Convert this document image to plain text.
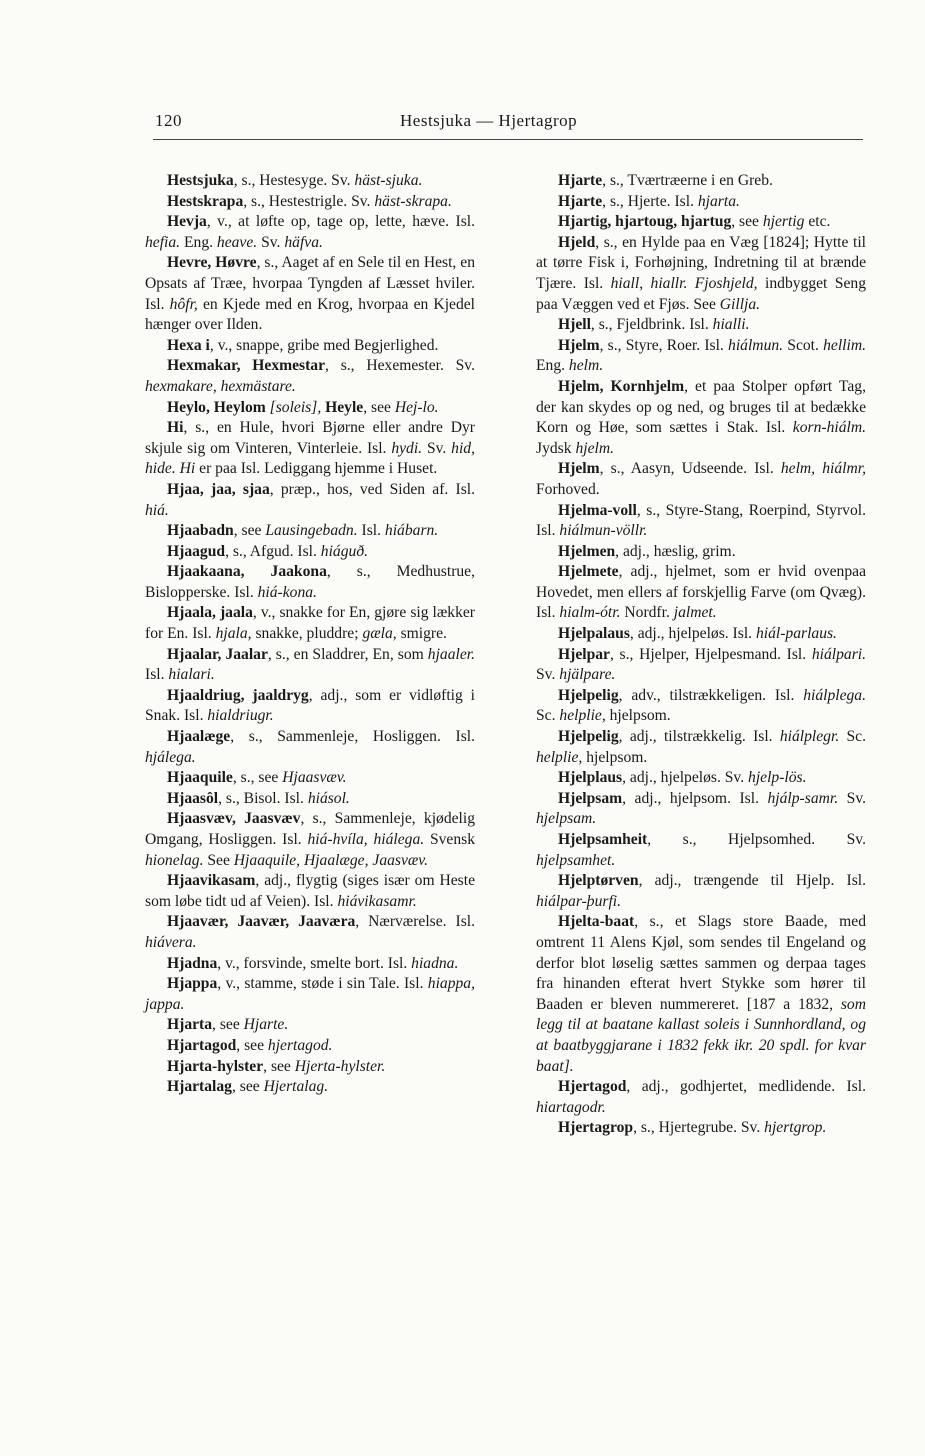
120	Hestsjuka — Hjertagrop

Hestsjuka, s., Hestesyge. Sv. häst-sjuka.

Hestskrapa, s., Hestestrigle. Sv. häst-skrapa.

Hevja, v., at løfte op, tage op, lette, hæve. Isl. hefia. Eng. heave. Sv. häfva.

Hevre, Høvre, s., Aaget af en Sele til en Hest, en Opsats af Træe, hvorpaa Tyngden af Læsset hviler. Isl. hôfr, en Kjede med en Krog, hvorpaa en Kjedel hænger over Ilden.

Hexa i, v., snappe, gribe med Begjerlighed.

Hexmakar, Hexmestar, s., Hexemester. Sv. hexmakare, hexmästare.

Heylo, Heylom [soleis], Heyle, see Hej-lo.

Hi, s., en Hule, hvori Bjørne eller andre Dyr skjule sig om Vinteren, Vinterleie. Isl. hydi. Sv. hid, hide. Hi er paa Isl. Lediggang hjemme i Huset.

Hjaa, jaa, sjaa, præp., hos, ved Siden af. Isl. hiá.

Hjaabadn, see Lausingebadn. Isl. hiábarn.

Hjaagud, s., Afgud. Isl. hiáguð.

Hjaakaana, Jaakona, s., Medhustrue, Bislopperske. Isl. hiá-kona.

Hjaala, jaala, v., snakke for En, gjøre sig lækker for En. Isl. hjala, snakke, pluddre; gæla, smigre.

Hjaalar, Jaalar, s., en Sladdrer, En, som hjaaler. Isl. hialari.

Hjaaldriug, jaaldryg, adj., som er vidløftig i Snak. Isl. hialdriugr.

Hjaalæge, s., Sammenleje, Hosliggen. Isl. hjálega.

Hjaaquile, s., see Hjaasvæv.

Hjaasôl, s., Bisol. Isl. hiásol.

Hjaasvæv, Jaasvæv, s., Sammenleje, kjødelig Omgang, Hosliggen. Isl. hiá-hvíla, hiálega. Svensk hionelag. See Hjaaquile, Hjaalæge, Jaasvæv.

Hjaavikasam, adj., flygtig (siges især om Heste som løbe tidt ud af Veien). Isl. hiávikasamr.

Hjaavær, Jaavær, Jaaværa, Nærværelse. Isl. hiávera.

Hjadna, v., forsvinde, smelte bort. Isl. hiadna.

Hjappa, v., stamme, støde i sin Tale. Isl. hiappa, jappa.

Hjarta, see Hjarte.

Hjartagod, see hjertagod.

Hjarta-hylster, see Hjerta-hylster.

Hjartalag, see Hjertalag.

Hjarte, s., Tværtræerne i en Greb.

Hjarte, s., Hjerte. Isl. hjarta.

Hjartig, hjartoug, hjartug, see hjertig etc.

Hjeld, s., en Hylde paa en Væg [1824]; Hytte til at tørre Fisk i, Forhøjning, Indretning til at brænde Tjære. Isl. hiall, hiallr. Fjoshjeld, indbygget Seng paa Væggen ved et Fjøs. See Gillja.

Hjell, s., Fjeldbrink. Isl. hialli.

Hjelm, s., Styre, Roer. Isl. hiálmun. Scot. hellim. Eng. helm.

Hjelm, Kornhjelm, et paa Stolper opført Tag, der kan skydes op og ned, og bruges til at bedække Korn og Høe, som sættes i Stak. Isl. korn-hiálm. Jydsk hjelm.

Hjelm, s., Aasyn, Udseende. Isl. helm, hiálmr, Forhoved.

Hjelma-voll, s., Styre-Stang, Roerpind, Styrvol. Isl. hiálmun-völlr.

Hjelmen, adj., hæslig, grim.

Hjelmete, adj., hjelmet, som er hvid ovenpaa Hovedet, men ellers af forskjellig Farve (om Qvæg). Isl. hialm-ótr. Nordfr. jalmet.

Hjelpalaus, adj., hjelpeløs. Isl. hiál-parlaus.

Hjelpar, s., Hjelper, Hjelpesmand. Isl. hiálpari. Sv. hjälpare.

Hjelpelig, adv., tilstrækkeligen. Isl. hiálplega. Sc. helplie, hjelpsom.

Hjelpelig, adj., tilstrækkelig. Isl. hiálplegr. Sc. helplie, hjelpsom.

Hjelplaus, adj., hjelpeløs. Sv. hjelp-lös.

Hjelpsam, adj., hjelpsom. Isl. hjálp-samr. Sv. hjelpsam.

Hjelpsamheit, s., Hjelpsomhed. Sv. hjelpsamhet.

Hjelptørven, adj., trængende til Hjelp. Isl. hiálpar-þurfi.

Hjelta-baat, s., et Slags store Baade, med omtrent 11 Alens Kjøl, som sendes til Engeland og derfor blot løselig sættes sammen og derpaa tages fra hinanden efterat hvert Stykke som hører til Baaden er bleven nummereret. [187 a 1832, som legg til at baatane kallast soleis i Sunnhordland, og at baatbyggjarane i 1832 fekk ikr. 20 spdl. for kvar baat].

Hjertagod, adj., godhjertet, medlidende. Isl. hiartagodr.

Hjertagrop, s., Hjertegrube. Sv. hjertgrop.
